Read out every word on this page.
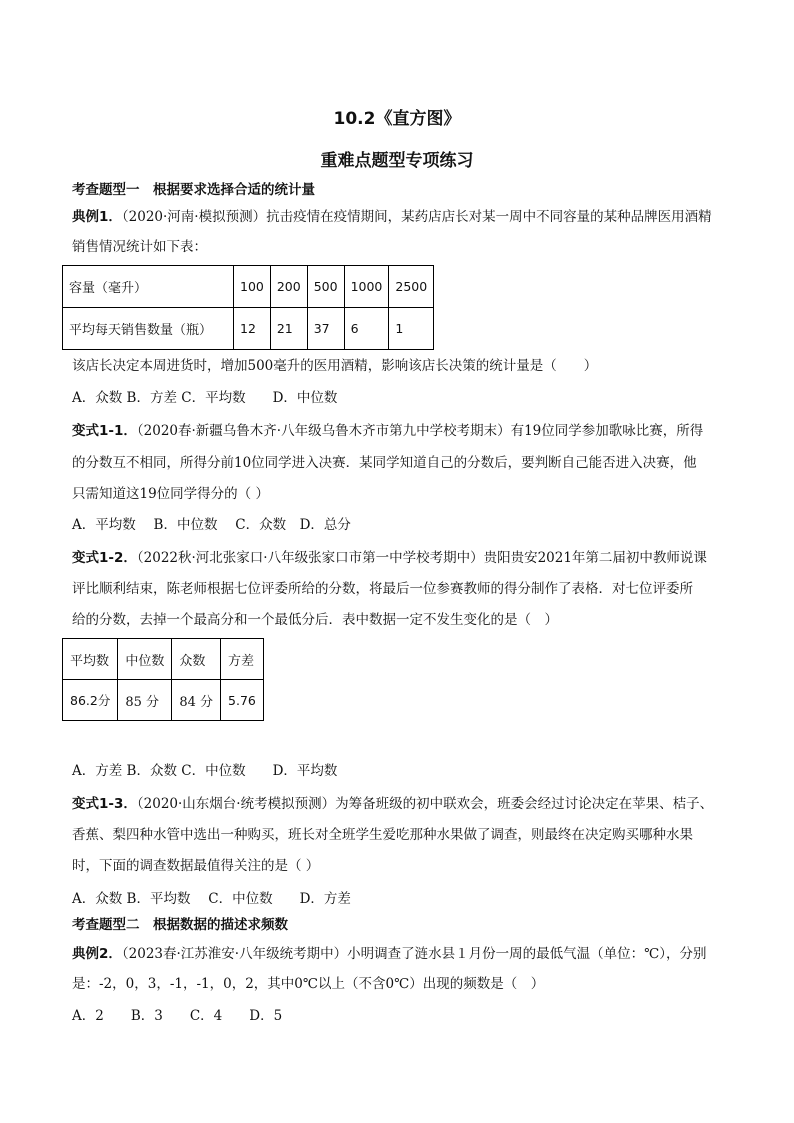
10.2《直方图》
重难点题型专项练习
考查题型一　根据要求选择合适的统计量
典例1．（2020·河南·模拟预测）抗击疫情在疫情期间，某药店店长对某一周中不同容量的某种品牌医用酒精
销售情况统计如下表：
容量（毫升）	100	200	500	1000	2500
平均每天销售数量（瓶）	12	21	37	6	1
该店长决定本周进货时，增加500毫升的医用酒精，影响该店长决策的统计量是（　　）
A．众数 B．方差 C．平均数　　D．中位数
变式1-1．（2020春·新疆乌鲁木齐·八年级乌鲁木齐市第九中学校考期末）有19位同学参加歌咏比赛，所得
的分数互不相同，所得分前10位同学进入决赛．某同学知道自己的分数后，要判断自己能否进入决赛，他
只需知道这19位同学得分的（ ）
A．平均数　 B．中位数　 C．众数　D．总分
变式1-2．（2022秋·河北张家口·八年级张家口市第一中学校考期中）贵阳贵安2021年第二届初中教师说课
评比顺利结束，陈老师根据七位评委所给的分数，将最后一位参赛教师的得分制作了表格．对七位评委所
给的分数，去掉一个最高分和一个最低分后．表中数据一定不发生变化的是（　）
平均数	中位数	众数	方差
86.2分	85 分	84 分	5.76
A．方差 B．众数 C．中位数　　D．平均数
变式1-3．（2020·山东烟台·统考模拟预测）为筹备班级的初中联欢会，班委会经过讨论决定在苹果、桔子、
香蕉、梨四种水管中选出一种购买，班长对全班学生爱吃那种水果做了调查，则最终在决定购买哪种水果
时，下面的调查数据最值得关注的是（ ）
A．众数 B．平均数　 C．中位数　　D．方差
考查题型二　根据数据的描述求频数
典例2．（2023春·江苏淮安·八年级统考期中）小明调查了涟水县１月份一周的最低气温（单位：℃），分别
是：-2，0，3，-1，-1，0，2，其中0℃以上（不含0℃）出现的频数是（　）
A．2　　B．3　　C．4　　D．5
